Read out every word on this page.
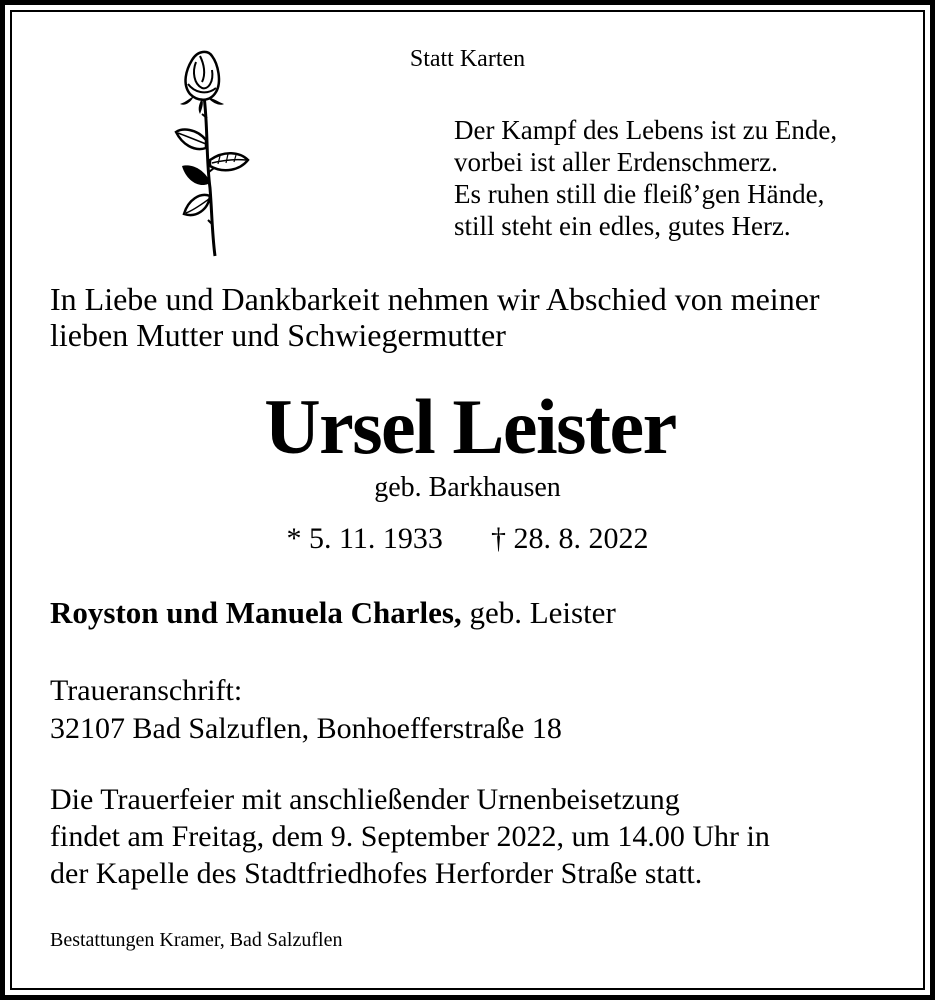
Statt Karten
Der Kampf des Lebens ist zu Ende,
vorbei ist aller Erdenschmerz.
Es ruhen still die fleiß’gen Hände,
still steht ein edles, gutes Herz.
In Liebe und Dankbarkeit nehmen wir Abschied von meiner
lieben Mutter und Schwiegermutter
Ursel Leister
geb. Barkhausen
* 5. 11. 1933 † 28. 8. 2022
Royston und Manuela Charles, geb. Leister
Traueranschrift:
32107 Bad Salzuflen, Bonhoefferstraße 18
Die Trauerfeier mit anschließender Urnenbeisetzung
findet am Freitag, dem 9. September 2022, um 14.00 Uhr in
der Kapelle des Stadtfriedhofes Herforder Straße statt.
Bestattungen Kramer, Bad Salzuflen
